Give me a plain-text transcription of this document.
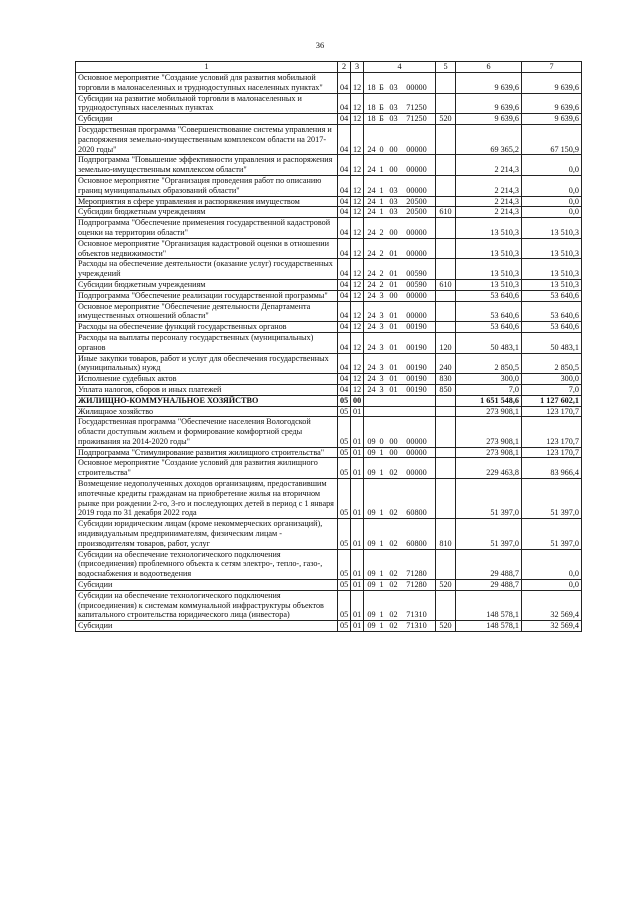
36
1	2	3	4	5	6	7
Основное мероприятие "Создание условий для развития мобильной торговли в малонаселенных и труднодоступных населенных пунктах"	04	12	18 Б 03 00000		9 639,6	9 639,6
Субсидии на развитие мобильной торговли в малонаселенных и труднодоступных населенных пунктах	04	12	18 Б 03 71250		9 639,6	9 639,6
Субсидии	04	12	18 Б 03 71250	520	9 639,6	9 639,6
Государственная программа "Совершенствование системы управления и распоряжения земельно-имущественным комплексом области на 2017-2020 годы"	04	12	24 0 00 00000		69 365,2	67 150,9
Подпрограмма "Повышение эффективности управления и распоряжения земельно-имущественным комплексом области"	04	12	24 1 00 00000		2 214,3	0,0
Основное мероприятие "Организация проведения работ по описанию границ муниципальных образований области"	04	12	24 1 03 00000		2 214,3	0,0
Мероприятия в сфере управления и распоряжения имуществом	04	12	24 1 03 20500		2 214,3	0,0
Субсидии бюджетным учреждениям	04	12	24 1 03 20500	610	2 214,3	0,0
Подпрограмма "Обеспечение применения государственной кадастровой оценки на территории области"	04	12	24 2 00 00000		13 510,3	13 510,3
Основное мероприятие "Организация кадастровой оценки в отношении объектов недвижимости"	04	12	24 2 01 00000		13 510,3	13 510,3
Расходы на обеспечение деятельности (оказание услуг) государственных учреждений	04	12	24 2 01 00590		13 510,3	13 510,3
Субсидии бюджетным учреждениям	04	12	24 2 01 00590	610	13 510,3	13 510,3
Подпрограмма "Обеспечение реализации государственной программы"	04	12	24 3 00 00000		53 640,6	53 640,6
Основное мероприятие "Обеспечение деятельности Департамента имущественных отношений области"	04	12	24 3 01 00000		53 640,6	53 640,6
Расходы на обеспечение функций государственных органов	04	12	24 3 01 00190		53 640,6	53 640,6
Расходы на выплаты персоналу государственных (муниципальных) органов	04	12	24 3 01 00190	120	50 483,1	50 483,1
Иные закупки товаров, работ и услуг для обеспечения государственных (муниципальных) нужд	04	12	24 3 01 00190	240	2 850,5	2 850,5
Исполнение судебных актов	04	12	24 3 01 00190	830	300,0	300,0
Уплата налогов, сборов и иных платежей	04	12	24 3 01 00190	850	7,0	7,0
ЖИЛИЩНО-КОММУНАЛЬНОЕ ХОЗЯЙСТВО	05	00			1 651 548,6	1 127 602,1
Жилищное хозяйство	05	01			273 908,1	123 170,7
Государственная программа "Обеспечение населения Вологодской области доступным жильем и формирование комфортной среды проживания на 2014-2020 годы"	05	01	09 0 00 00000		273 908,1	123 170,7
Подпрограмма "Стимулирование развития жилищного строительства"	05	01	09 1 00 00000		273 908,1	123 170,7
Основное мероприятие "Создание условий для развития жилищного строительства"	05	01	09 1 02 00000		229 463,8	83 966,4
Возмещение недополученных доходов организациям, предоставившим ипотечные кредиты гражданам на приобретение жилья на вторичном рынке при рождении 2-го, 3-го и последующих детей в период с 1 января 2019 года по 31 декабря 2022 года	05	01	09 1 02 60800		51 397,0	51 397,0
Субсидии юридическим лицам (кроме некоммерческих организаций), индивидуальным предпринимателям, физическим лицам - производителям товаров, работ, услуг	05	01	09 1 02 60800	810	51 397,0	51 397,0
Субсидии на обеспечение технологического подключения (присоединения) проблемного объекта к сетям электро-, тепло-, газо-, водоснабжения и водоотведения	05	01	09 1 02 71280		29 488,7	0,0
Субсидии	05	01	09 1 02 71280	520	29 488,7	0,0
Субсидии на обеспечение технологического подключения (присоединения) к системам коммунальной инфраструктуры объектов капитального строительства юридического лица (инвестора)	05	01	09 1 02 71310		148 578,1	32 569,4
Субсидии	05	01	09 1 02 71310	520	148 578,1	32 569,4
